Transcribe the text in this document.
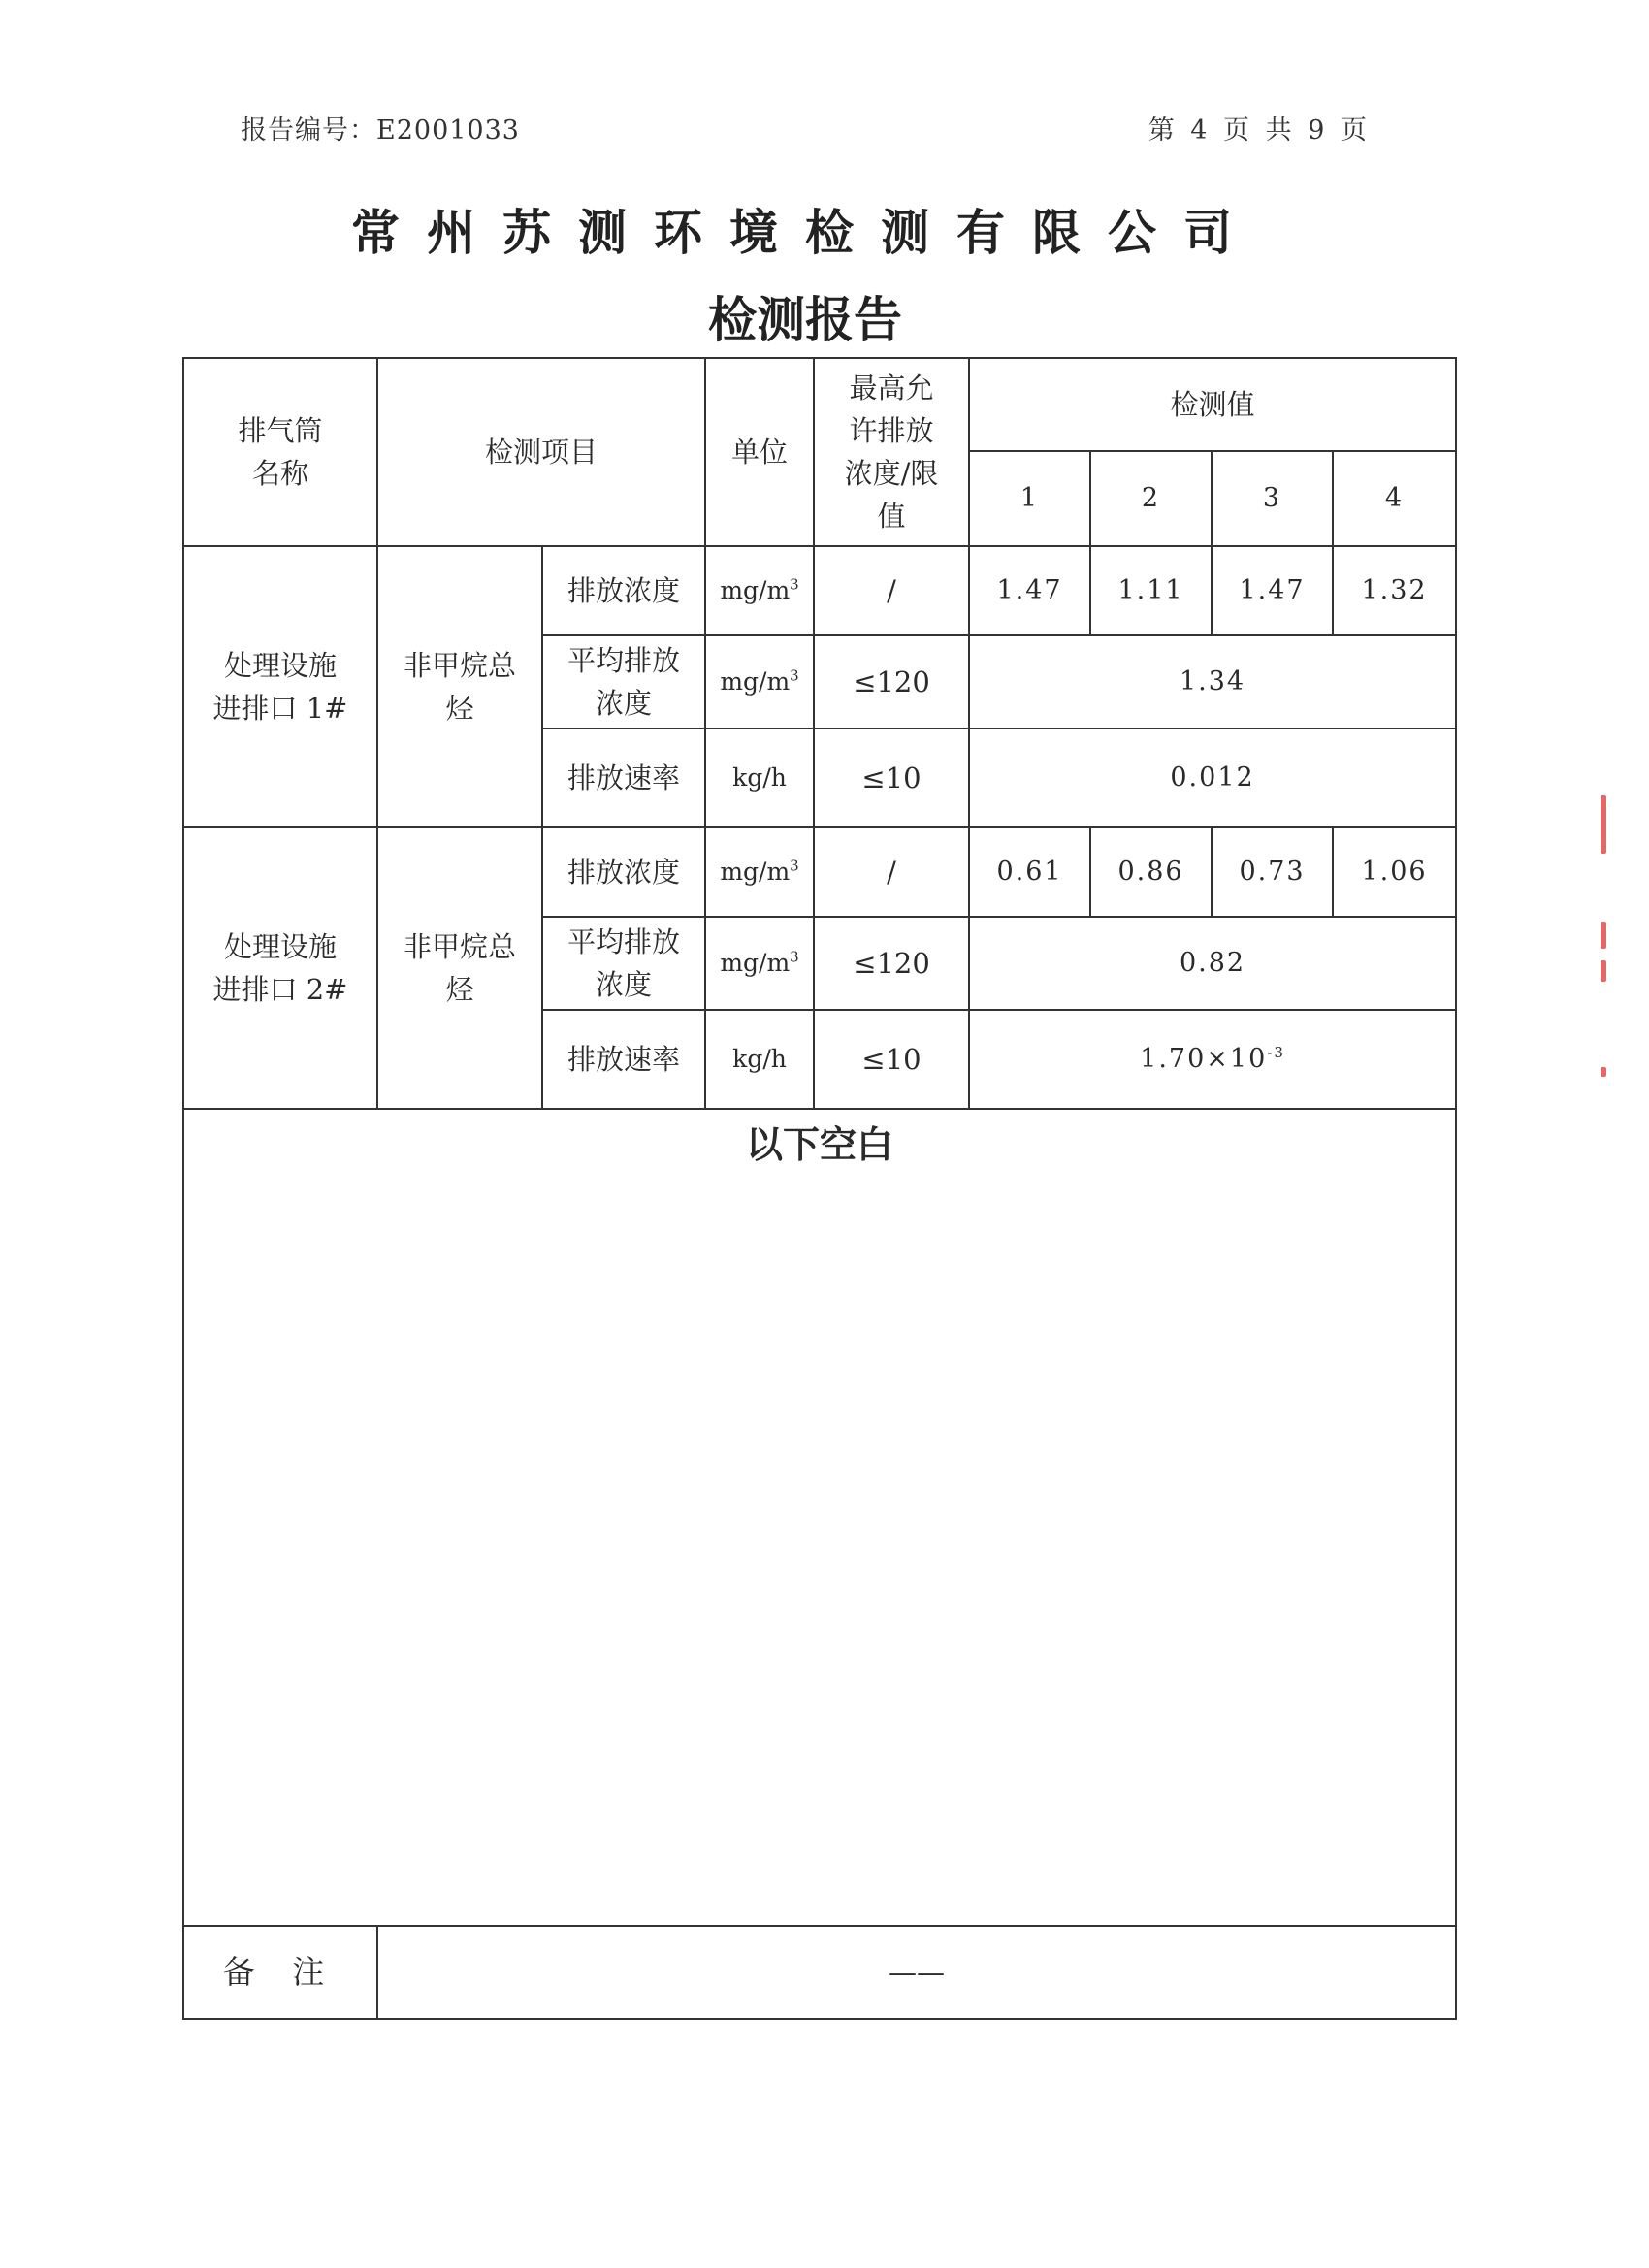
报告编号：E2001033	第 4 页 共 9 页
常州苏测环境检测有限公司
检测报告
排气筒名称	检测项目		单位	最高允许排放浓度/限值	检测值			
					1	2	3	4
处理设施进排口 1#	非甲烷总烃	排放浓度	$mg/m^3$	/	1.47	1.11	1.47	1.32
		平均排放浓度	$mg/m^3$	≤120	1.34			
		排放速率	kg/h	≤10	0.012			
处理设施进排口 2#	非甲烷总烃	排放浓度	$mg/m^3$	/	0.61	0.86	0.73	1.06
		平均排放浓度	$mg/m^3$	≤120	0.82			
		排放速率	kg/h	≤10	$1.70\times 10^{-3}$
以下空白								
备 注	——							
